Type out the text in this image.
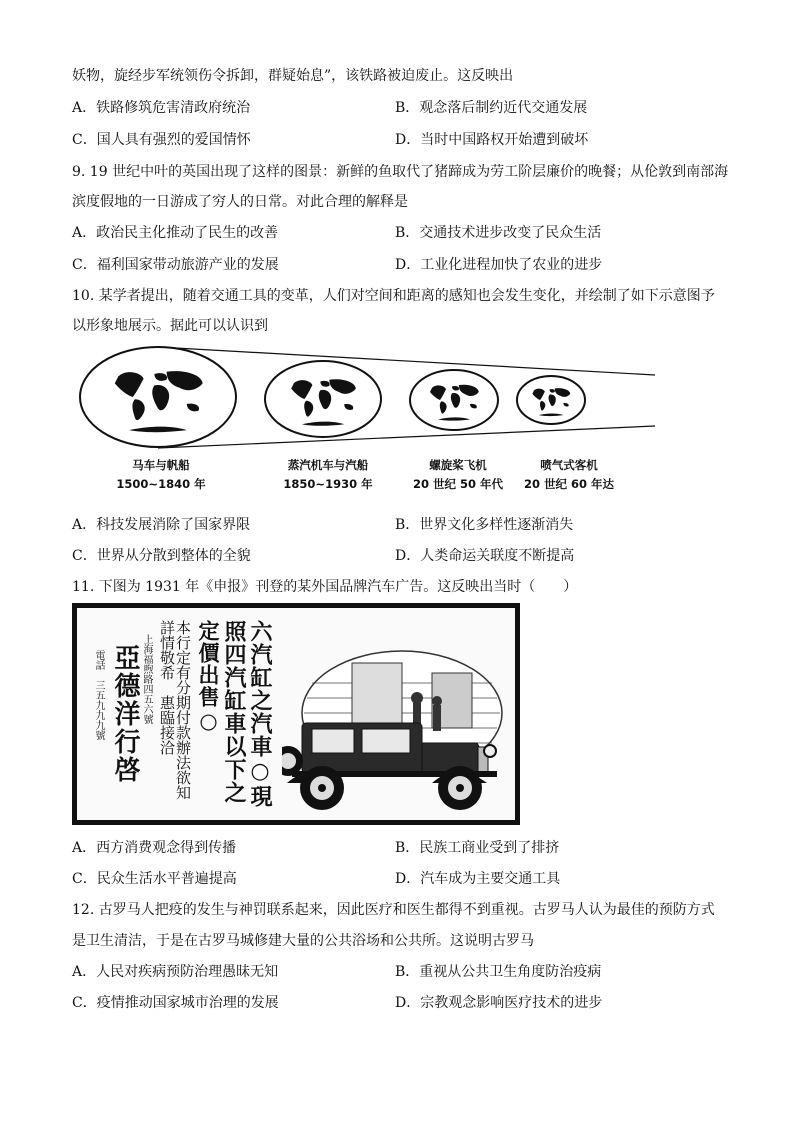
妖物，旋经步军统领伤令拆卸，群疑始息”，该铁路被迫废止。这反映出
A．铁路修筑危害清政府统治	B．观念落后制约近代交通发展
C．国人具有强烈的爱国情怀	D．当时中国路权开始遭到破坏
9. 19 世纪中叶的英国出现了这样的图景：新鲜的鱼取代了猪蹄成为劳工阶层廉价的晚餐；从伦敦到南部海
滨度假地的一日游成了穷人的日常。对此合理的解释是
A．政治民主化推动了民生的改善	B．交通技术进步改变了民众生活
C．福利国家带动旅游产业的发展	D．工业化进程加快了农业的进步
10. 某学者提出，随着交通工具的变革，人们对空间和距离的感知也会发生变化，并绘制了如下示意图予
以形象地展示。据此可以认识到
马车与帆船
1500~1840 年
蒸汽机车与汽船
1850~1930 年
螺旋桨飞机
20 世纪 50 年代
喷气式客机
20 世纪 60 年达
A．科技发展消除了国家界限	B．世界文化多样性逐渐消失
C．世界从分散到整体的全貌	D．人类命运关联度不断提高
11. 下图为 1931 年《申报》刊登的某外国品牌汽车广告。这反映出当时（　　）
六汽缸之汽車○現
照四汽缸車以下之
定價出售○
本行定有分期付款辦法欲知
詳情敬希　惠臨接洽
上海福煦路四五六號
亞德洋行啓
電話　三五九九九號
A．西方消费观念得到传播	B．民族工商业受到了排挤
C．民众生活水平普遍提高	D．汽车成为主要交通工具
12. 古罗马人把疫的发生与神罚联系起来，因此医疗和医生都得不到重视。古罗马人认为最佳的预防方式
是卫生清洁，于是在古罗马城修建大量的公共浴场和公共所。这说明古罗马
A．人民对疾病预防治理愚昧无知	B．重视从公共卫生角度防治疫病
C．疫情推动国家城市治理的发展	D．宗教观念影响医疗技术的进步
